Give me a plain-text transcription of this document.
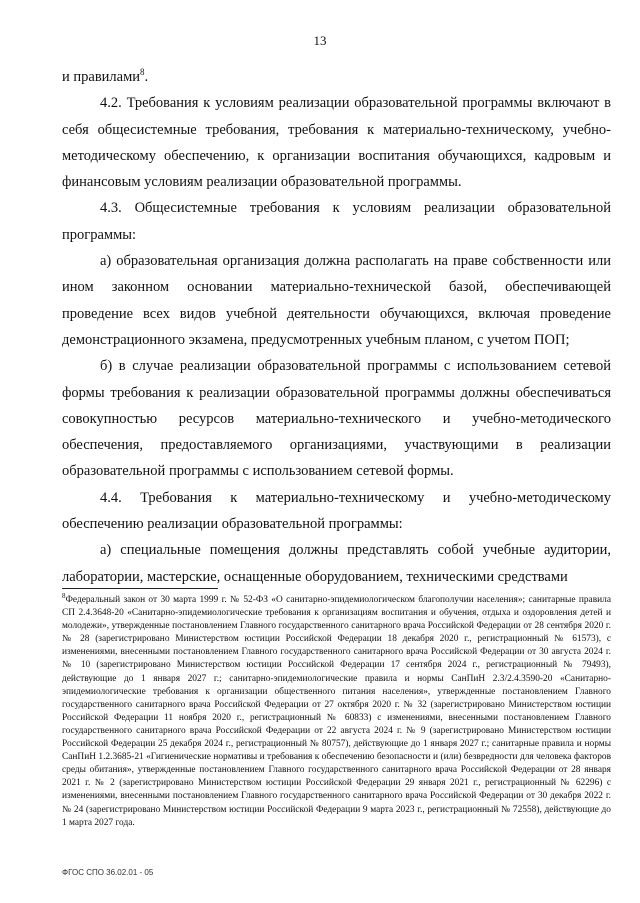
13

и правилами$^8$.

4.2. Требования к условиям реализации образовательной программы включают в себя общесистемные требования, требования к материально-техническому, учебно-методическому обеспечению, к организации воспитания обучающихся, кадровым и финансовым условиям реализации образовательной программы.

4.3. Общесистемные требования к условиям реализации образовательной программы:

а) образовательная организация должна располагать на праве собственности или ином законном основании материально-технической базой, обеспечивающей проведение всех видов учебной деятельности обучающихся, включая проведение демонстрационного экзамена, предусмотренных учебным планом, с учетом ПОП;

б) в случае реализации образовательной программы с использованием сетевой формы требования к реализации образовательной программы должны обеспечиваться совокупностью ресурсов материально-технического и учебно-методического обеспечения, предоставляемого организациями, участвующими в реализации образовательной программы с использованием сетевой формы.

4.4. Требования к материально-техническому и учебно-методическому обеспечению реализации образовательной программы:

а) специальные помещения должны представлять собой учебные аудитории, лаборатории, мастерские, оснащенные оборудованием, техническими средствами

$^8$Федеральный закон от 30 марта 1999 г. № 52-ФЗ «О санитарно-эпидемиологическом благополучии населения»; санитарные правила СП 2.4.3648-20 «Санитарно-эпидемиологические требования к организациям воспитания и обучения, отдыха и оздоровления детей и молодежи», утвержденные постановлением Главного государственного санитарного врача Российской Федерации от 28 сентября 2020 г. № 28 (зарегистрировано Министерством юстиции Российской Федерации 18 декабря 2020 г., регистрационный № 61573), с изменениями, внесенными постановлением Главного государственного санитарного врача Российской Федерации от 30 августа 2024 г. № 10 (зарегистрировано Министерством юстиции Российской Федерации 17 сентября 2024 г., регистрационный № 79493), действующие до 1 января 2027 г.; санитарно-эпидемиологические правила и нормы СанПиН 2.3/2.4.3590-20 «Санитарно-эпидемиологические требования к организации общественного питания населения», утвержденные постановлением Главного государственного санитарного врача Российской Федерации от 27 октября 2020 г. № 32 (зарегистрировано Министерством юстиции Российской Федерации 11 ноября 2020 г., регистрационный № 60833) с изменениями, внесенными постановлением Главного государственного санитарного врача Российской Федерации от 22 августа 2024 г. № 9 (зарегистрировано Министерством юстиции Российской Федерации 25 декабря 2024 г., регистрационный № 80757), действующие до 1 января 2027 г.; санитарные правила и нормы СанПиН 1.2.3685-21 «Гигиенические нормативы и требования к обеспечению безопасности и (или) безвредности для человека факторов среды обитания», утвержденные постановлением Главного государственного санитарного врача Российской Федерации от 28 января 2021 г. № 2 (зарегистрировано Министерством юстиции Российской Федерации 29 января 2021 г., регистрационный № 62296) с изменениями, внесенными постановлением Главного государственного санитарного врача Российской Федерации от 30 декабря 2022 г. № 24 (зарегистрировано Министерством юстиции Российской Федерации 9 марта 2023 г., регистрационный № 72558), действующие до 1 марта 2027 года.
ФГОС СПО 36.02.01 - 05
